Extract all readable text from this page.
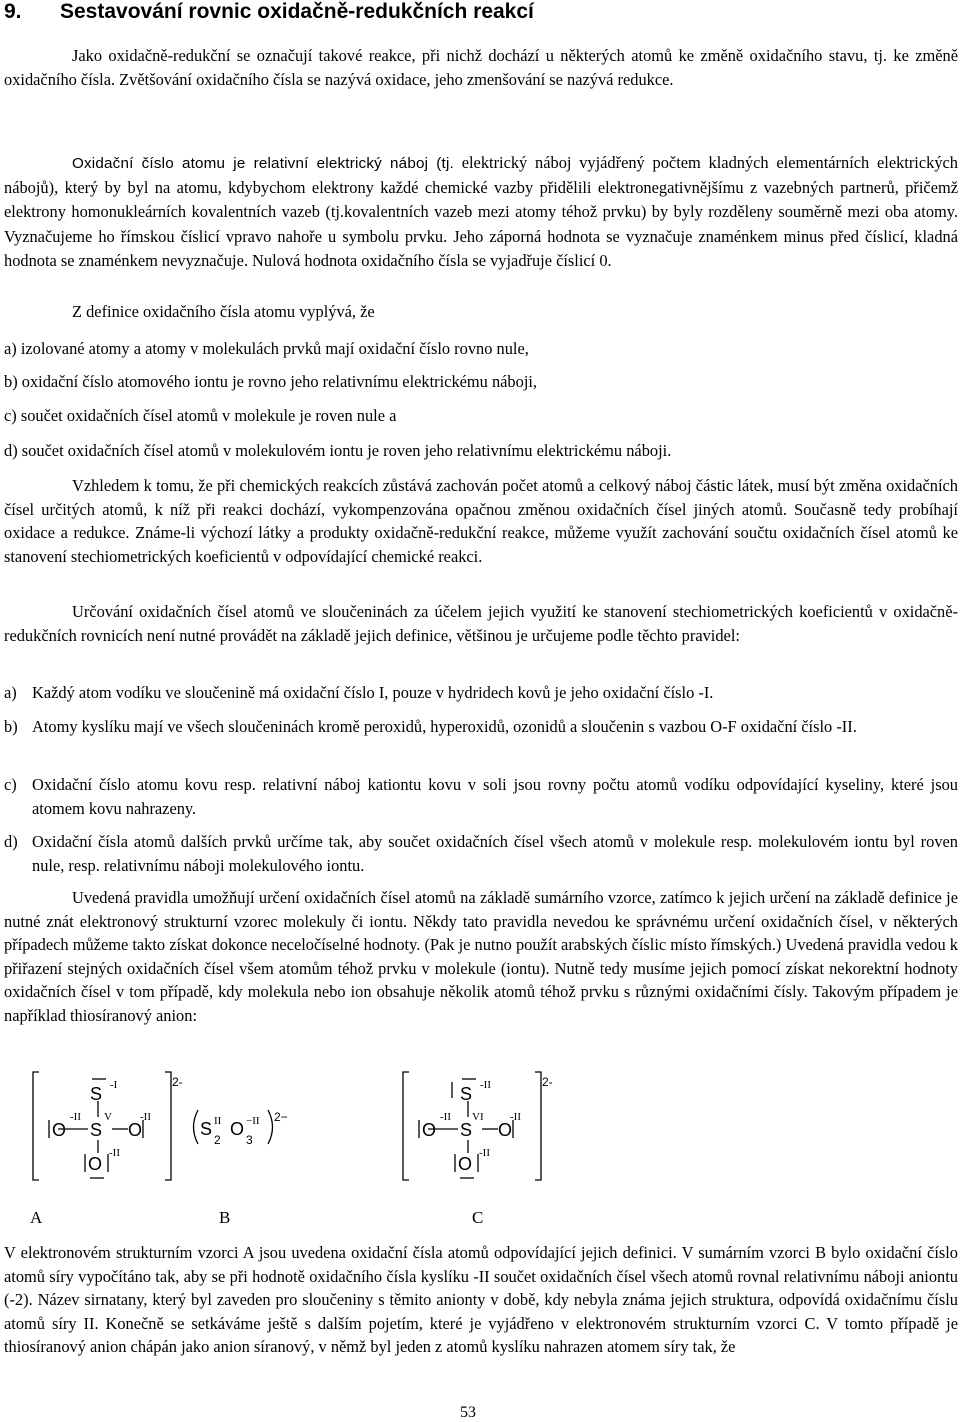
9. Sestavování rovnic oxidačně-redukčních reakcí

Jako oxidačně-redukční se označují takové reakce, při nichž dochází u některých atomů ke změně oxidačního stavu, tj. ke změně oxidačního čísla. Zvětšování oxidačního čísla se nazývá oxidace, jeho zmenšování se nazývá redukce.

Oxidační číslo atomu je relativní elektrický náboj (tj. elektrický náboj vyjádřený počtem kladných elementárních elektrických nábojů), který by byl na atomu, kdybychom elektrony každé chemické vazby přidělili elektronegativnějšímu z vazebných partnerů, přičemž elektrony homonukleárních kovalentních vazeb (tj.kovalentních vazeb mezi atomy téhož prvku) by byly rozděleny souměrně mezi oba atomy. Vyznačujeme ho římskou číslicí vpravo nahoře u symbolu prvku. Jeho záporná hodnota se vyznačuje znaménkem minus před číslicí, kladná hodnota se znaménkem nevyznačuje. Nulová hodnota oxidačního čísla se vyjadřuje číslicí 0.

Z definice oxidačního čísla atomu vyplývá, že

a) izolované atomy a atomy v molekulách prvků mají oxidační číslo rovno nule,

b) oxidační číslo atomového iontu je rovno jeho relativnímu elektrickému náboji,

c) součet oxidačních čísel atomů v molekule je roven nule a

d) součet oxidačních čísel atomů v molekulovém iontu je roven jeho relativnímu elektrickému náboji.

Vzhledem k tomu, že při chemických reakcích zůstává zachován počet atomů a celkový náboj částic látek, musí být změna oxidačních čísel určitých atomů, k níž při reakci dochází, vykompenzována opačnou změnou oxidačních čísel jiných atomů. Současně tedy probíhají oxidace a redukce. Známe-li výchozí látky a produkty oxidačně-redukční reakce, můžeme využít zachování součtu oxidačních čísel atomů ke stanovení stechiometrických koeficientů v odpovídající chemické reakci.

Určování oxidačních čísel atomů ve sloučeninách za účelem jejich využití ke stanovení stechiometrických koeficientů v oxidačně-redukčních rovnicích není nutné provádět na základě jejich definice, většinou je určujeme podle těchto pravidel:

a) Každý atom vodíku ve sloučenině má oxidační číslo I, pouze v hydridech kovů je jeho oxidační číslo -I.

b) Atomy kyslíku mají ve všech sloučeninách kromě peroxidů, hyperoxidů, ozonidů a sloučenin s vazbou O-F oxidační číslo -II.

c) Oxidační číslo atomu kovu resp. relativní náboj kationtu kovu v soli jsou rovny počtu atomů vodíku odpovídající kyseliny, které jsou atomem kovu nahrazeny.

d) Oxidační čísla atomů dalších prvků určíme tak, aby součet oxidačních čísel všech atomů v molekule resp. molekulovém iontu byl roven nule, resp. relativnímu náboji molekulového iontu.

Uvedená pravidla umožňují určení oxidačních čísel atomů na základě sumárního vzorce, zatímco k jejich určení na základě definice je nutné znát elektronový strukturní vzorec molekuly či iontu. Někdy tato pravidla nevedou ke správnému určení oxidačních čísel, v některých případech můžeme takto získat dokonce neceločíselné hodnoty. (Pak je nutno použít arabských číslic místo římských.) Uvedená pravidla vedou k přiřazení stejných oxidačních čísel všem atomům téhož prvku v molekule (iontu). Nutně tedy musíme jejich pomocí získat nekorektní hodnoty oxidačních čísel v tom případě, kdy molekula nebo ion obsahuje několik atomů téhož prvku s různými oxidačními čísly. Takovým případem je například thiosíranový anion:

S -I
O
-II
S
V
O
-II
O
-II
2-
S II
2
O −II
3
2−
S -II
O
-II
S
VI
O
-II
O
-II
2-
A	B	C

V elektronovém strukturním vzorci A jsou uvedena oxidační čísla atomů odpovídající jejich definici. V sumárním vzorci B bylo oxidační číslo atomů síry vypočítáno tak, aby se při hodnotě oxidačního čísla kyslíku -II součet oxidačních čísel všech atomů rovnal relativnímu náboji aniontu (-2). Název sirnatany, který byl zaveden pro sloučeniny s těmito anionty v době, kdy nebyla známa jejich struktura, odpovídá oxidačnímu číslu atomů síry II. Konečně se setkáváme ještě s dalším pojetím, které je vyjádřeno v elektronovém strukturním vzorci C. V tomto případě je thiosíranový anion chápán jako anion síranový, v němž byl jeden z atomů kyslíku nahrazen atomem síry tak, že

53
